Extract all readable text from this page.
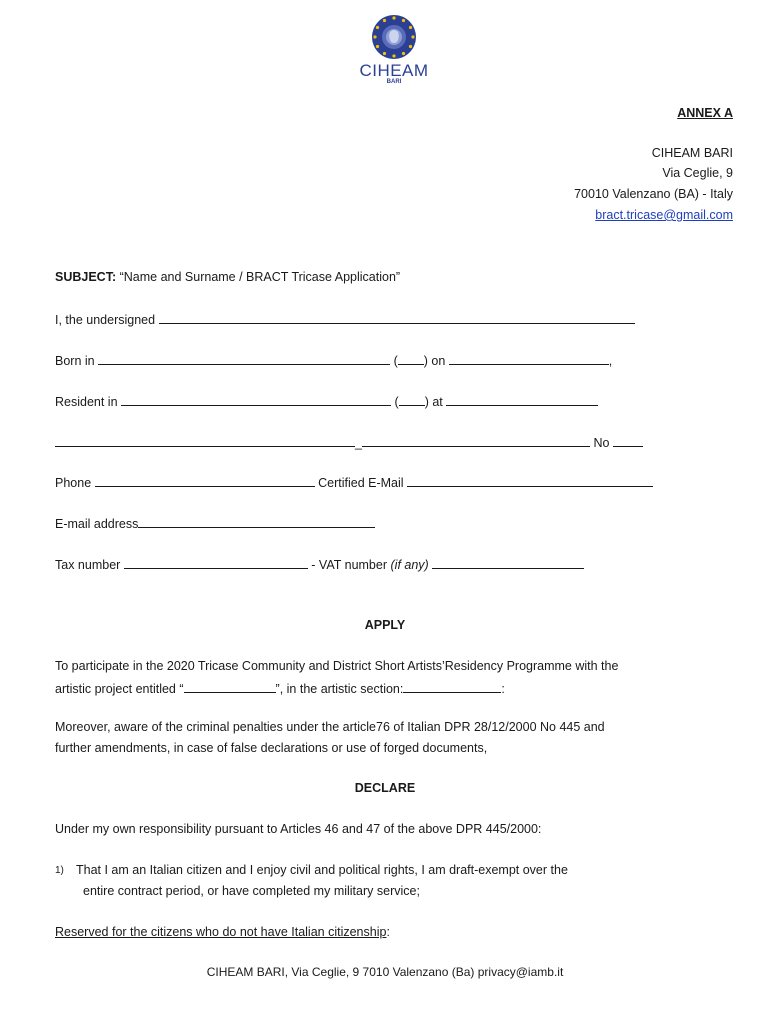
CIHEAM
BARI
ANNEX A
CIHEAM BARI
Via Ceglie, 9
70010 Valenzano (BA) - Italy
bract.tricase@gmail.com
SUBJECT: “Name and Surname / BRACT Tricase Application”
I, the undersigned
Born in	( ) on	,
Resident in	( ) at
_	No
Phone	Certified E-Mail
E-mail address
Tax number	- VAT number (if any)
APPLY
To participate in the 2020 Tricase Community and District Short Artists’Residency Programme with the
artistic project entitled “	”, in the artistic section:	:
Moreover, aware of the criminal penalties under the article76 of Italian DPR 28/12/2000 No 445 and
further amendments, in case of false declarations or use of forged documents,
DECLARE
Under my own responsibility pursuant to Articles 46 and 47 of the above DPR 445/2000:
1) That I am an Italian citizen and I enjoy civil and political rights, I am draft-exempt over the
entire contract period, or have completed my military service;
Reserved for the citizens who do not have Italian citizenship:
CIHEAM BARI, Via Ceglie, 9 7010 Valenzano (Ba) privacy@iamb.it
